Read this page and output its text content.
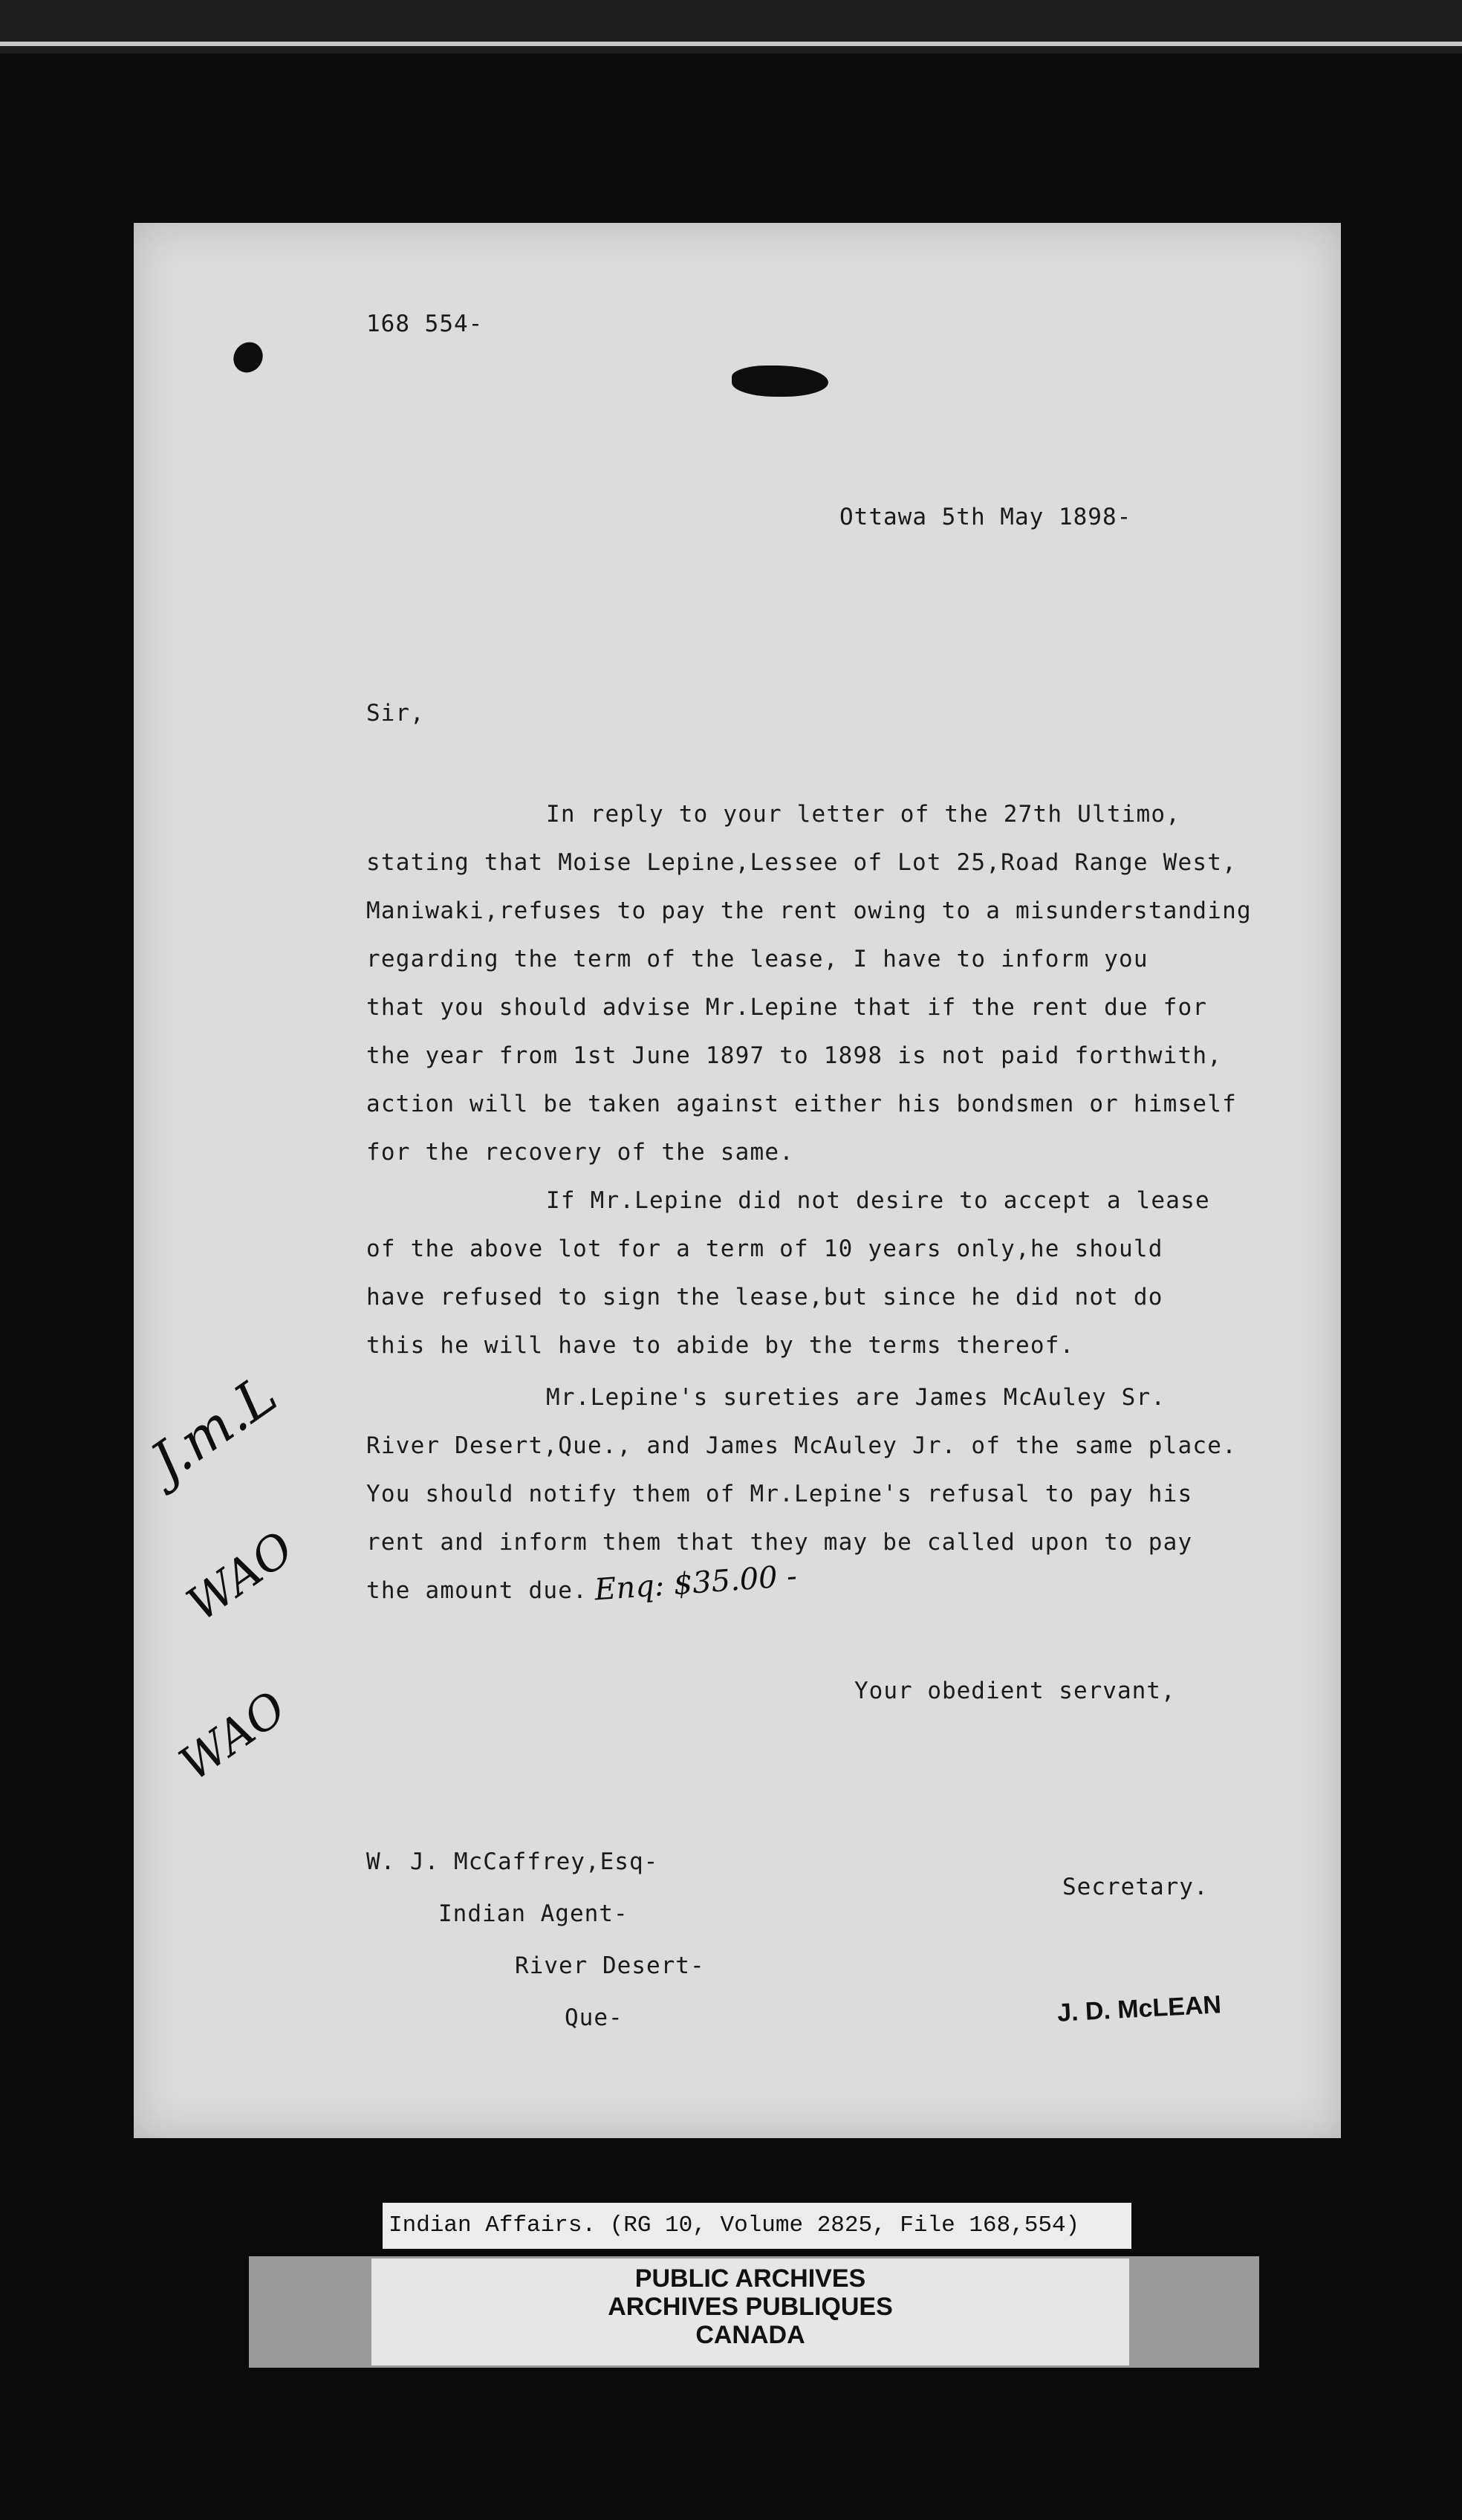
168 554-
Ottawa 5th May 1898-
Sir,
In reply to your letter of the 27th Ultimo,
stating that Moise Lepine,Lessee of Lot 25,Road Range West,
Maniwaki,refuses to pay the rent owing to a misunderstanding
regarding the term of the lease, I have to inform you
that you should advise Mr.Lepine that if the rent due for
the year from 1st June 1897 to 1898 is not paid forthwith,
action will be taken against either his bondsmen or himself
for the recovery of the same.
If Mr.Lepine did not desire to accept a lease
of the above lot for a term of 10 years only,he should
have refused to sign the lease,but since he did not do
this he will have to abide by the terms thereof.
Mr.Lepine's sureties are James McAuley Sr.
River Desert,Que., and James McAuley Jr. of the same place.
You should notify them of Mr.Lepine's refusal to pay his
rent and inform them that they may be called upon to pay
the amount due. Enq: $35.00 -
Your obedient servant,
J. D. McLEAN
Secretary.
W. J. McCaffrey,Esq-
Indian Agent-
River Desert-
Que-
J.m.L
WAO
WAO
Indian Affairs. (RG 10, Volume 2825, File 168,554)
PUBLIC ARCHIVES
ARCHIVES PUBLIQUES
CANADA
